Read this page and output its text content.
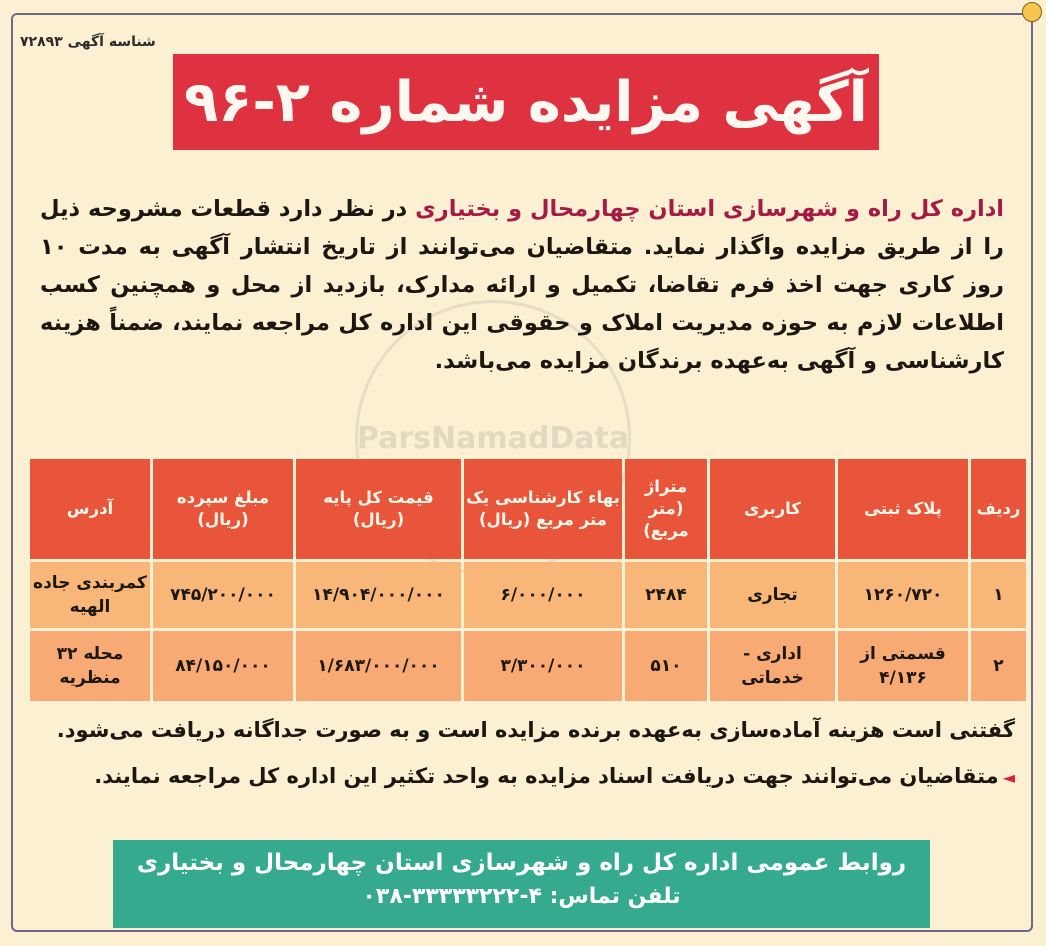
شناسه آگهی ۷۲۸۹۳
آگهی مزایده شماره ۲-۹۶
ParsNamadData
اداره کل راه و شهرسازی استان چهارمحال و بختیاری در نظر دارد قطعات مشروحه ذیل را از طریق مزایده واگذار نماید. متقاضیان می‌توانند از تاریخ انتشار آگهی به مدت ۱۰ روز کاری جهت اخذ فرم تقاضا، تکمیل و ارائه مدارک، بازدید از محل و همچنین کسب اطلاعات لازم به حوزه مدیریت املاک و حقوقی این اداره کل مراجعه نمایند، ضمناً هزینه کارشناسی و آگهی به‌عهده برندگان مزایده می‌باشد.
ردیف	پلاک ثبتی	کاربری	متراژ (متر مربع)	بهاء کارشناسی یک متر مربع (ریال)	قیمت کل پایه (ریال)	مبلغ سپرده (ریال)	آدرس
۱	۱۲۶۰/۷۲۰	تجاری	۲۴۸۴	۶/۰۰۰/۰۰۰	۱۴/۹۰۴/۰۰۰/۰۰۰	۷۴۵/۲۰۰/۰۰۰	کمربندی جاده الهیه
۲	قسمتی از ۴/۱۳۶	اداری - خدماتی	۵۱۰	۳/۳۰۰/۰۰۰	۱/۶۸۳/۰۰۰/۰۰۰	۸۴/۱۵۰/۰۰۰	محله ۳۲ منظریه
گفتنی است هزینه آماده‌سازی به‌عهده برنده مزایده است و به صورت جداگانه دریافت می‌شود.
◄متقاضیان می‌توانند جهت دریافت اسناد مزایده به واحد تکثیر این اداره کل مراجعه نمایند.
روابط عمومی اداره کل راه و شهرسازی استان چهارمحال و بختیاری
تلفن تماس: ۴-۳۳۳۳۳۲۲۲-۰۳۸
